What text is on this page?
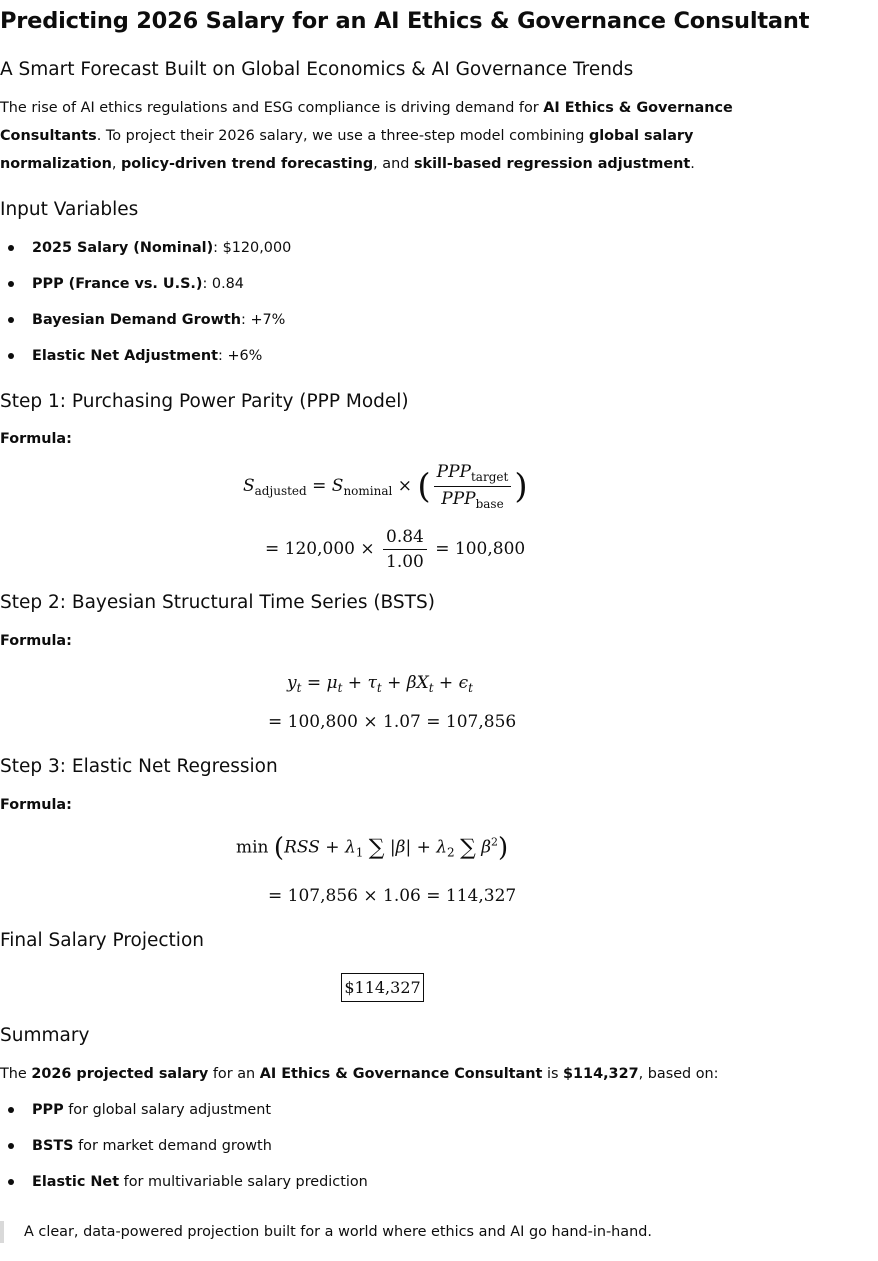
Predicting 2026 Salary for an AI Ethics & Governance Consultant
A Smart Forecast Built on Global Economics & AI Governance Trends

The rise of AI ethics regulations and ESG compliance is driving demand for AI Ethics & Governance Consultants. To project their 2026 salary, we use a three-step model combining global salary normalization, policy-driven trend forecasting, and skill-based regression adjustment.

Input Variables
2025 Salary (Nominal): $120,000
PPP (France vs. U.S.): 0.84
Bayesian Demand Growth: +7%
Elastic Net Adjustment: +6%
Step 1: Purchasing Power Parity (PPP Model)
Formula:
$S_{adjusted} = S_{nominal}$ × ( $\frac{PPP_{target}}{PPP_{base}}$ )
= $120,000 \times \frac{0.84}{1.00} = 100,800$
Step 2: Bayesian Structural Time Series (BSTS)
Formula:
$y_t = \mu_t + \tau_t + \beta X_t + \epsilon_t$
= 100,800 × 1.07 = 107,856
Step 3: Elastic Net Regression
Formula:
$\min (RSS + \lambda_1$ ∑ $|\beta| + \lambda_2$ ∑ $\beta^2$)
= 107,856 × 1.06 = 114,327
Final Salary Projection
$114,327
Summary

The 2026 projected salary for an AI Ethics & Governance Consultant is $114,327, based on:

PPP for global salary adjustment
BSTS for market demand growth
Elastic Net for multivariable salary prediction
A clear, data-powered projection built for a world where ethics and AI go hand-in-hand.
